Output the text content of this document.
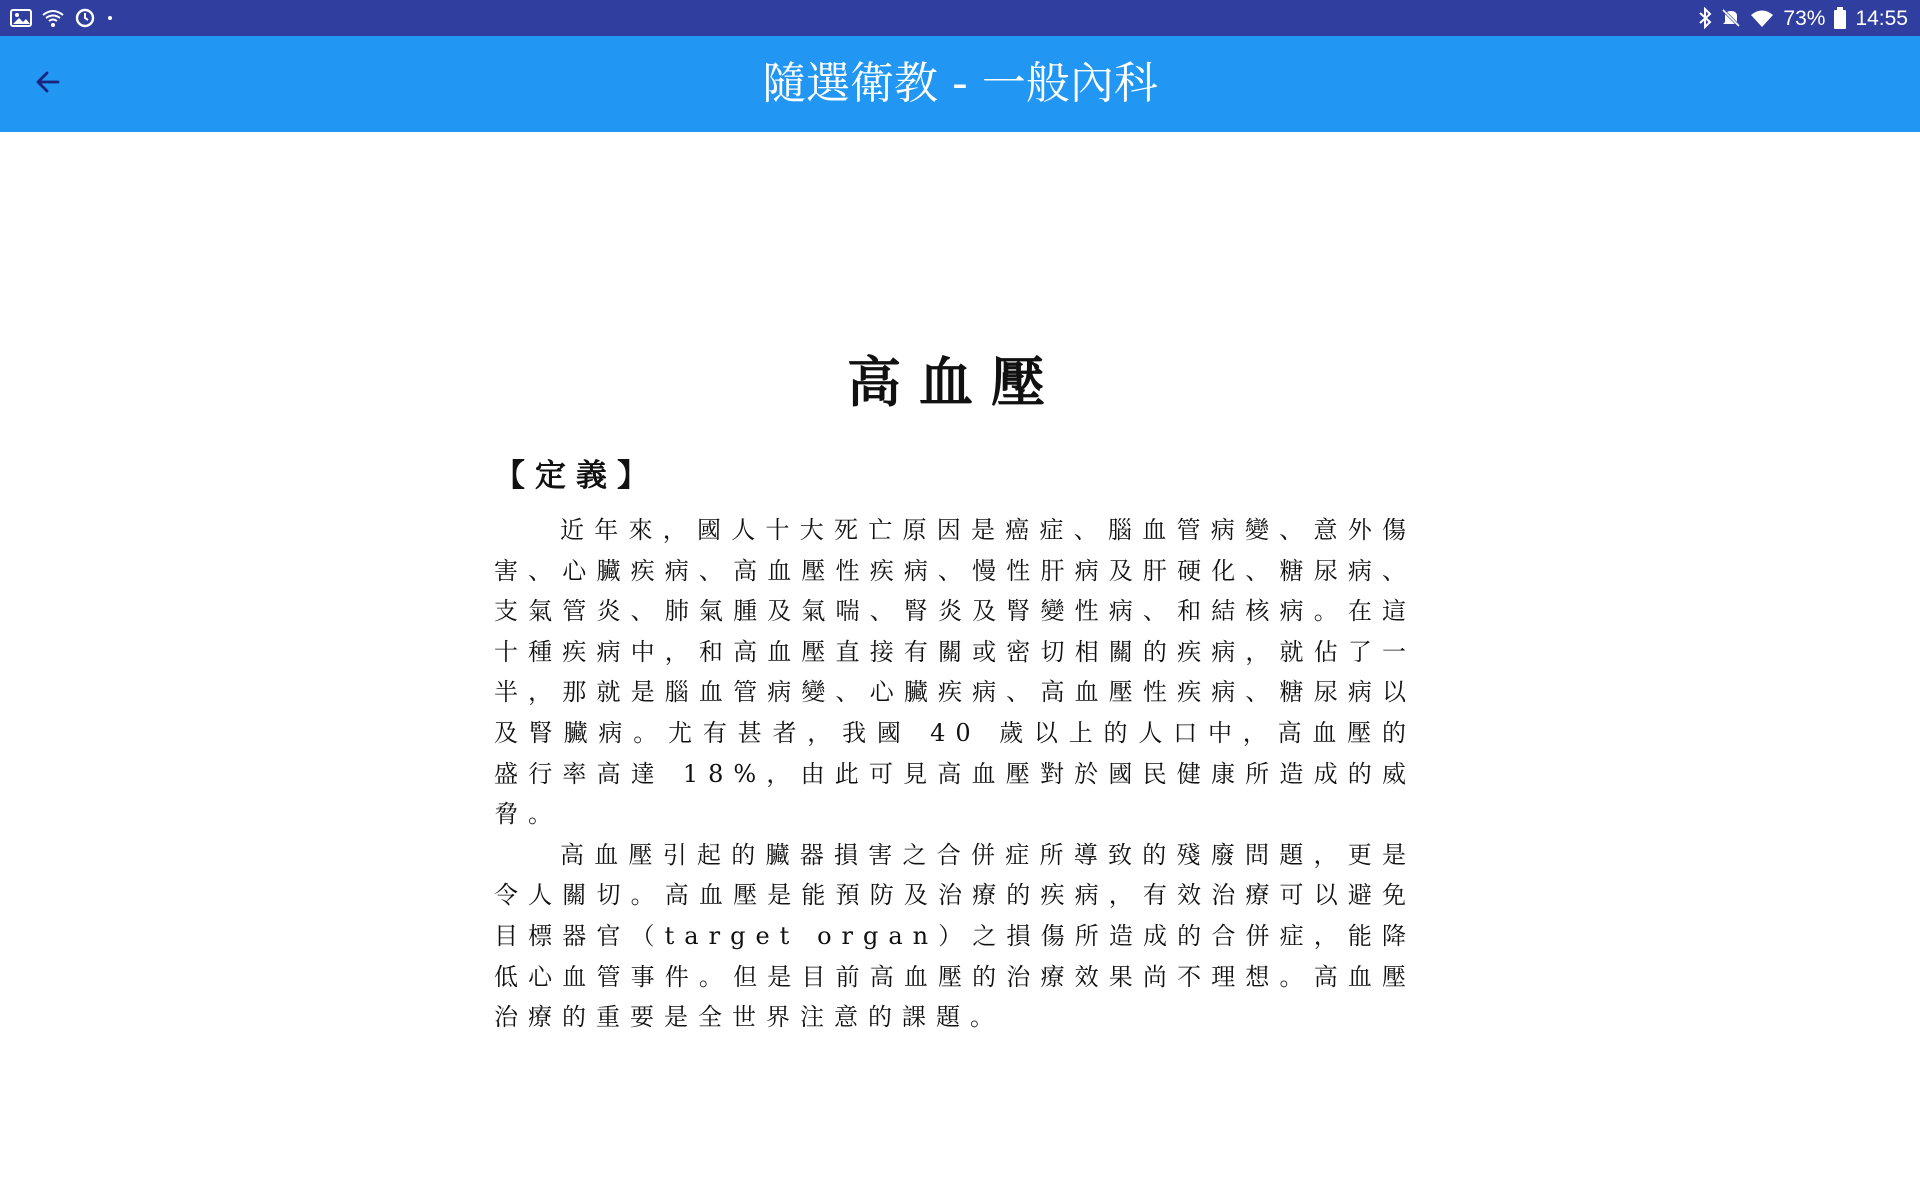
73% 14:55
隨選衛教 - 一般內科
高血壓
【定義】

近年來，國人十大死亡原因是癌症、腦血管病變、意外傷害、心臟疾病、高血壓性疾病、慢性肝病及肝硬化、糖尿病、支氣管炎、肺氣腫及氣喘、腎炎及腎變性病、和結核病。在這十種疾病中，和高血壓直接有關或密切相關的疾病，就佔了一半，那就是腦血管病變、心臟疾病、高血壓性疾病、糖尿病以及腎臟病。尤有甚者，我國 40 歲以上的人口中，高血壓的盛行率高達 18%，由此可見高血壓對於國民健康所造成的威脅。

高血壓引起的臟器損害之合併症所導致的殘廢問題，更是令人關切。高血壓是能預防及治療的疾病，有效治療可以避免目標器官（target organ）之損傷所造成的合併症，能降低心血管事件。但是目前高血壓的治療效果尚不理想。高血壓治療的重要是全世界注意的課題。
